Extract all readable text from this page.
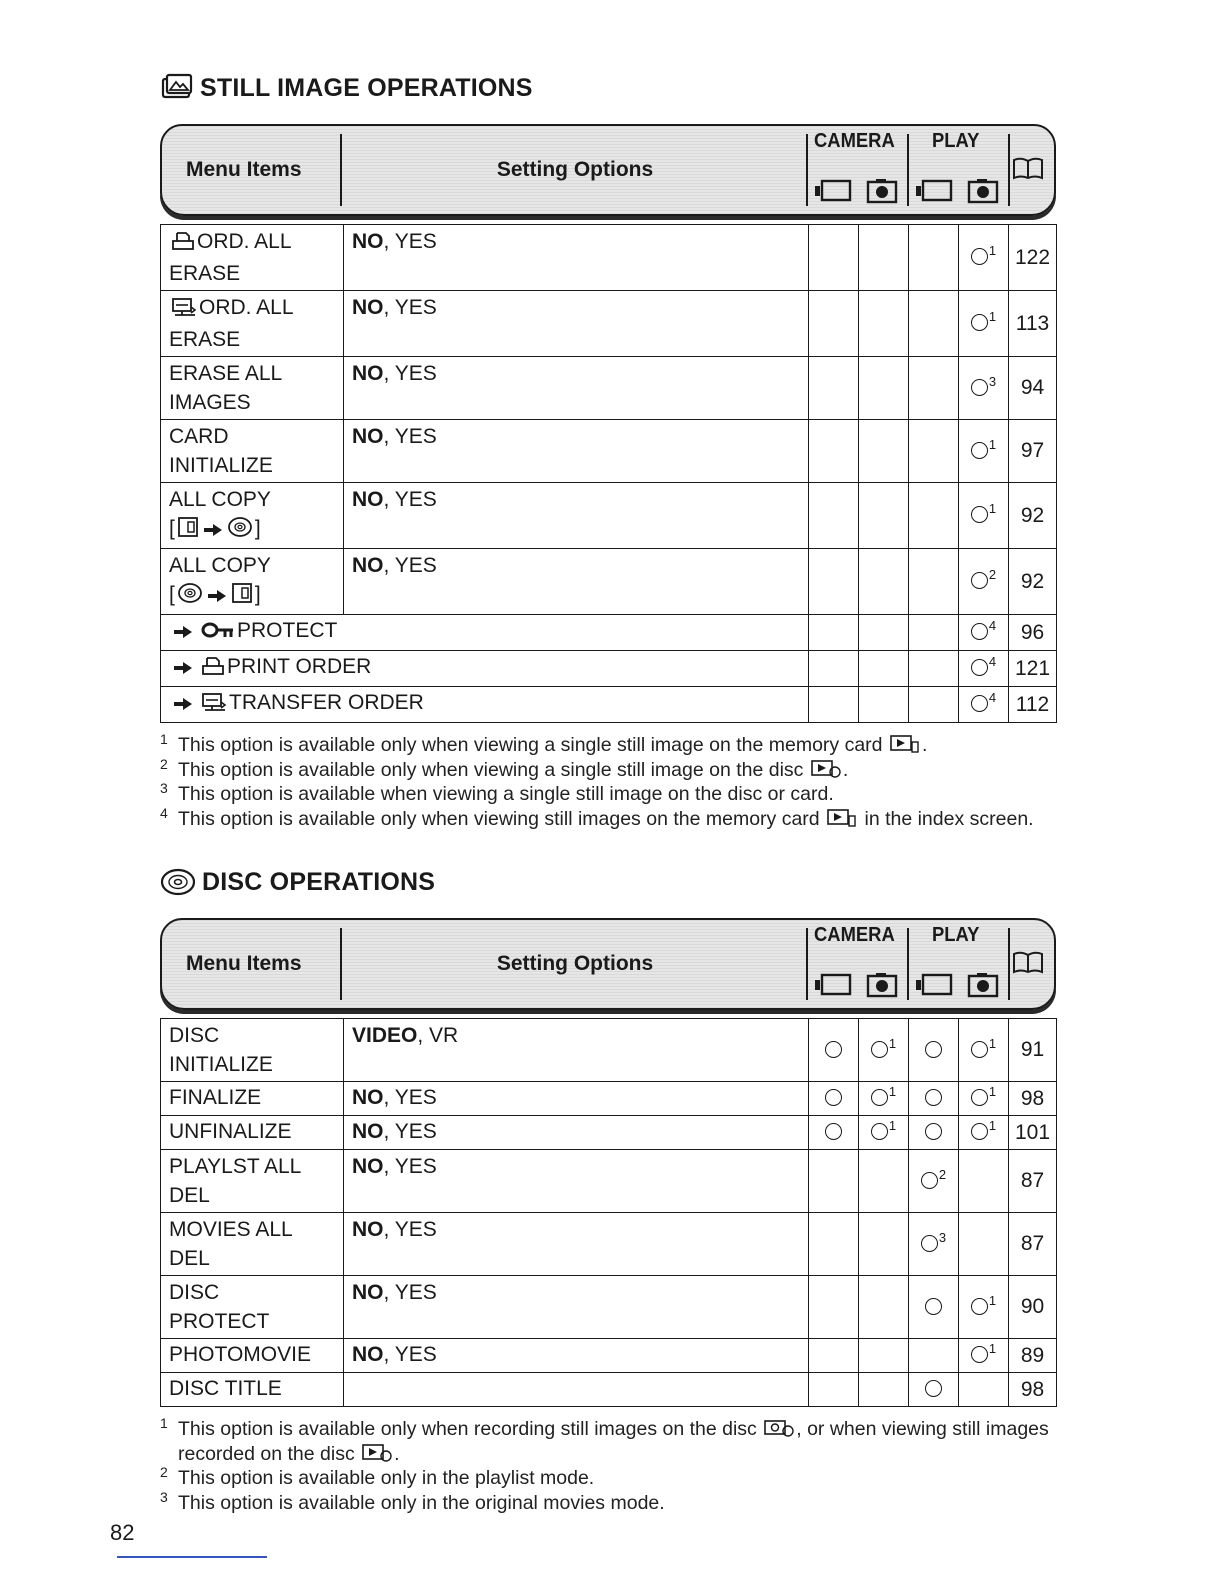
STILL IMAGE OPERATIONS
Menu Items	Setting Options
CAMERA PLAY
ORD. ALL
ERASE	NO, YES				$^1$	122

ORD. ALL
ERASE	NO, YES				$^1$	113

ERASE ALL
IMAGES	NO, YES				$^3$	94

CARD
INITIALIZE	NO, YES				$^1$	97

ALL COPY
[ ]	NO, YES				$^1$	92

ALL COPY
[ ]	NO, YES				$^2$	92
PROTECT					$^4$	96
PRINT ORDER					$^4$	121
TRANSFER ORDER					$^4$	112
1 This option is available only when viewing a single still image on the memory card .
2 This option is available only when viewing a single still image on the disc .
3 This option is available when viewing a single still image on the disc or card.
4 This option is available only when viewing still images on the memory card in the index screen.
DISC OPERATIONS
Menu Items	Setting Options
CAMERA PLAY
DISC
INITIALIZE	VIDEO, VR		$^1$		$^1$	91

FINALIZE	NO, YES		$^1$		$^1$	98

UNFINALIZE	NO, YES		$^1$		$^1$	101

PLAYLST ALL
DEL	NO, YES			$^2$		87

MOVIES ALL
DEL	NO, YES			$^3$		87

DISC
PROTECT	NO, YES				$^1$	90

PHOTOMOVIE	NO, YES				$^1$	89

DISC TITLE						98
1 This option is available only when recording still images on the disc , or when viewing still images recorded on the disc .
2 This option is available only in the playlist mode.
3 This option is available only in the original movies mode.
82
